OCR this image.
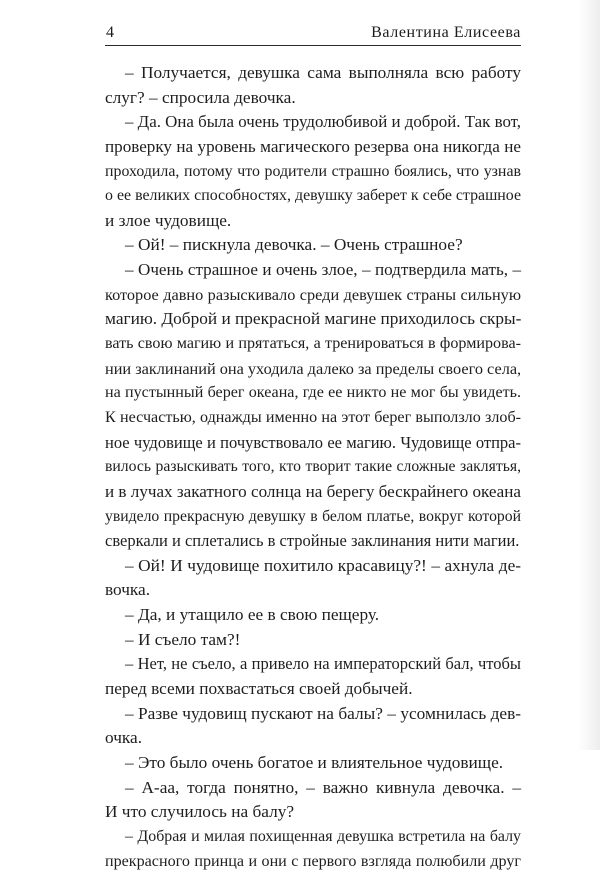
4	Валентина Елисеева
– Получается, девушка сама выполняла всю работу
слуг? – спросила девочка.
– Да. Она была очень трудолюбивой и доброй. Так вот,
проверку на уровень магического резерва она никогда не
проходила, потому что родители страшно боялись, что узнав
о ее великих способностях, девушку заберет к себе страшное
и злое чудовище.
– Ой! – пискнула девочка. – Очень страшное?
– Очень страшное и очень злое, – подтвердила мать, –
которое давно разыскивало среди девушек страны сильную
магию. Доброй и прекрасной магине приходилось скры-
вать свою магию и прятаться, а тренироваться в формирова-
нии заклинаний она уходила далеко за пределы своего села,
на пустынный берег океана, где ее никто не мог бы увидеть.
К несчастью, однажды именно на этот берег выползло злоб-
ное чудовище и почувствовало ее магию. Чудовище отпра-
вилось разыскивать того, кто творит такие сложные заклятья,
и в лучах закатного солнца на берегу бескрайнего океана
увидело прекрасную девушку в белом платье, вокруг которой
сверкали и сплетались в стройные заклинания нити магии.
– Ой! И чудовище похитило красавицу?! – ахнула де-
вочка.
– Да, и утащило ее в свою пещеру.
– И съело там?!
– Нет, не съело, а привело на императорский бал, чтобы
перед всеми похвастаться своей добычей.
– Разве чудовищ пускают на балы? – усомнилась дев-
очка.
– Это было очень богатое и влиятельное чудовище.
– А-аа, тогда понятно, – важно кивнула девочка. –
И что случилось на балу?
– Добрая и милая похищенная девушка встретила на балу
прекрасного принца и они с первого взгляда полюбили друг
